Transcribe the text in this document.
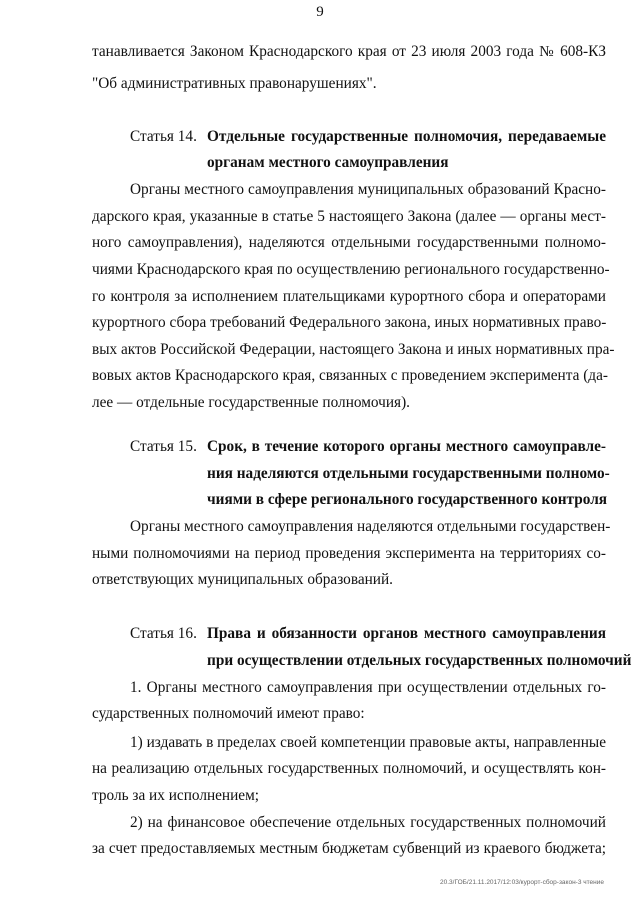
9
танавливается Законом Краснодарского края от 23 июля 2003 года № 608-КЗ
"Об административных правонарушениях".
Статья 14. Отдельные государственные полномочия, передаваемые
органам местного самоуправления
Органы местного самоуправления муниципальных образований Красно-
дарского края, указанные в статье 5 настоящего Закона (далее — органы мест-
ного самоуправления), наделяются отдельными государственными полномо-
чиями Краснодарского края по осуществлению регионального государственно-
го контроля за исполнением плательщиками курортного сбора и операторами
курортного сбора требований Федерального закона, иных нормативных право-
вых актов Российской Федерации, настоящего Закона и иных нормативных пра-
вовых актов Краснодарского края, связанных с проведением эксперимента (да-
лее — отдельные государственные полномочия).
Статья 15. Срок, в течение которого органы местного самоуправле-
ния наделяются отдельными государственными полномо-
чиями в сфере регионального государственного контроля
Органы местного самоуправления наделяются отдельными государствен-
ными полномочиями на период проведения эксперимента на территориях со-
ответствующих муниципальных образований.
Статья 16. Права и обязанности органов местного самоуправления
при осуществлении отдельных государственных полномочий
1. Органы местного самоуправления при осуществлении отдельных го-
сударственных полномочий имеют право:
1) издавать в пределах своей компетенции правовые акты, направленные
на реализацию отдельных государственных полномочий, и осуществлять кон-
троль за их исполнением;
2) на финансовое обеспечение отдельных государственных полномочий
за счет предоставляемых местным бюджетам субвенций из краевого бюджета;
20.3/ГОБ/21.11.2017/12:03/курорт-сбор-закон-3 чтение
